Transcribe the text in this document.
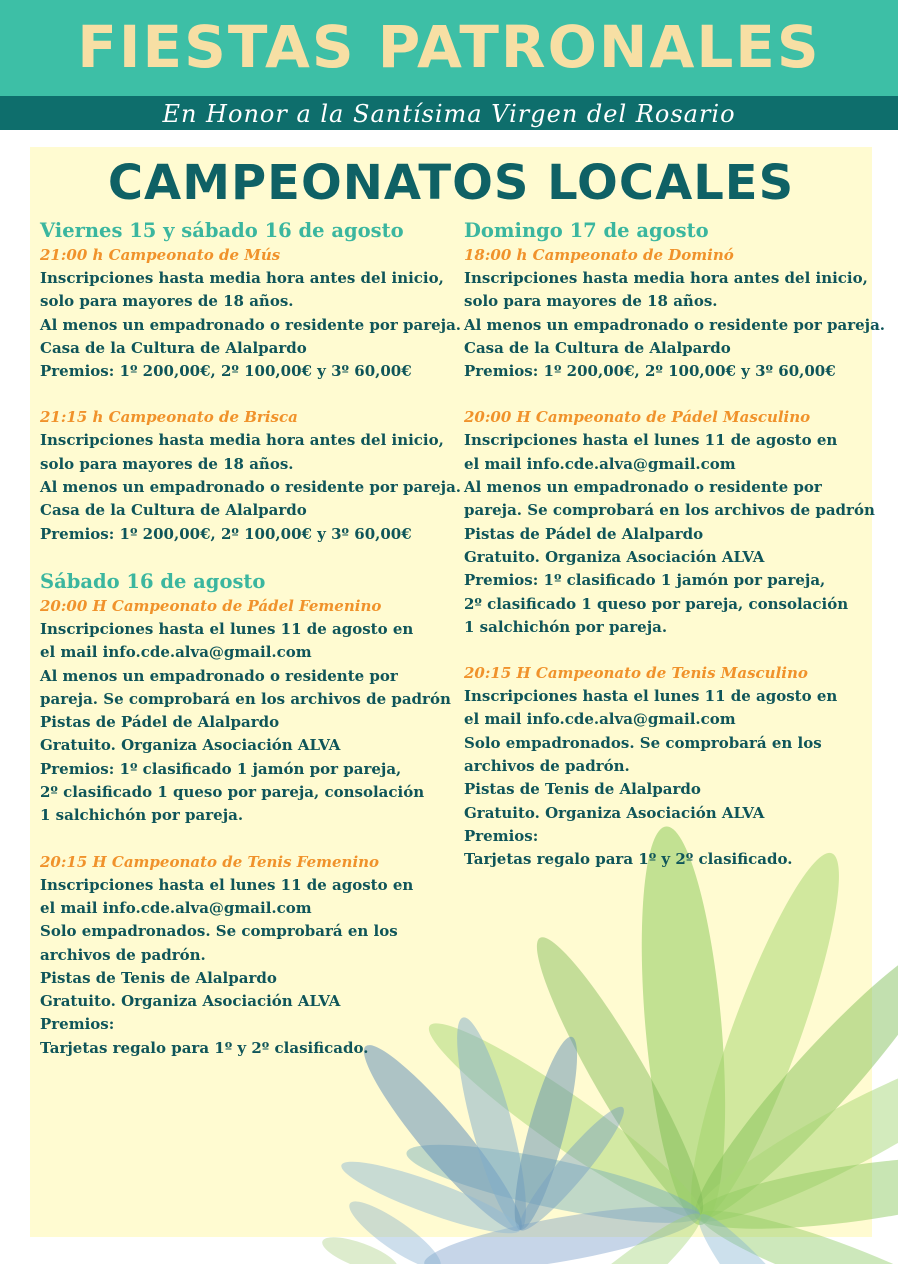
FIESTAS PATRONALES
En Honor a la Santísima Virgen del Rosario
CAMPEONATOS LOCALES
Viernes 15 y sábado 16 de agosto
21:00 h Campeonato de Mús
Inscripciones hasta media hora antes del inicio,
solo para mayores de 18 años.
Al menos un empadronado o residente por pareja.
Casa de la Cultura de Alalpardo
Premios: 1º 200,00€, 2º 100,00€ y 3º 60,00€
21:15 h Campeonato de Brisca
Inscripciones hasta media hora antes del inicio,
solo para mayores de 18 años.
Al menos un empadronado o residente por pareja.
Casa de la Cultura de Alalpardo
Premios: 1º 200,00€, 2º 100,00€ y 3º 60,00€
Sábado 16 de agosto
20:00 H Campeonato de Pádel Femenino
Inscripciones hasta el lunes 11 de agosto en
el mail info.cde.alva@gmail.com
Al menos un empadronado o residente por
pareja. Se comprobará en los archivos de padrón
Pistas de Pádel de Alalpardo
Gratuito. Organiza Asociación ALVA
Premios: 1º clasificado 1 jamón por pareja,
2º clasificado 1 queso por pareja, consolación
1 salchichón por pareja.
20:15 H Campeonato de Tenis Femenino
Inscripciones hasta el lunes 11 de agosto en
el mail info.cde.alva@gmail.com
Solo empadronados. Se comprobará en los
archivos de padrón.
Pistas de Tenis de Alalpardo
Gratuito. Organiza Asociación ALVA
Premios:
Tarjetas regalo para 1º y 2º clasificado.
Domingo 17 de agosto
18:00 h Campeonato de Dominó
Inscripciones hasta media hora antes del inicio,
solo para mayores de 18 años.
Al menos un empadronado o residente por pareja.
Casa de la Cultura de Alalpardo
Premios: 1º 200,00€, 2º 100,00€ y 3º 60,00€
20:00 H Campeonato de Pádel Masculino
Inscripciones hasta el lunes 11 de agosto en
el mail info.cde.alva@gmail.com
Al menos un empadronado o residente por
pareja. Se comprobará en los archivos de padrón
Pistas de Pádel de Alalpardo
Gratuito. Organiza Asociación ALVA
Premios: 1º clasificado 1 jamón por pareja,
2º clasificado 1 queso por pareja, consolación
1 salchichón por pareja.
20:15 H Campeonato de Tenis Masculino
Inscripciones hasta el lunes 11 de agosto en
el mail info.cde.alva@gmail.com
Solo empadronados. Se comprobará en los
archivos de padrón.
Pistas de Tenis de Alalpardo
Gratuito. Organiza Asociación ALVA
Premios:
Tarjetas regalo para 1º y 2º clasificado.
